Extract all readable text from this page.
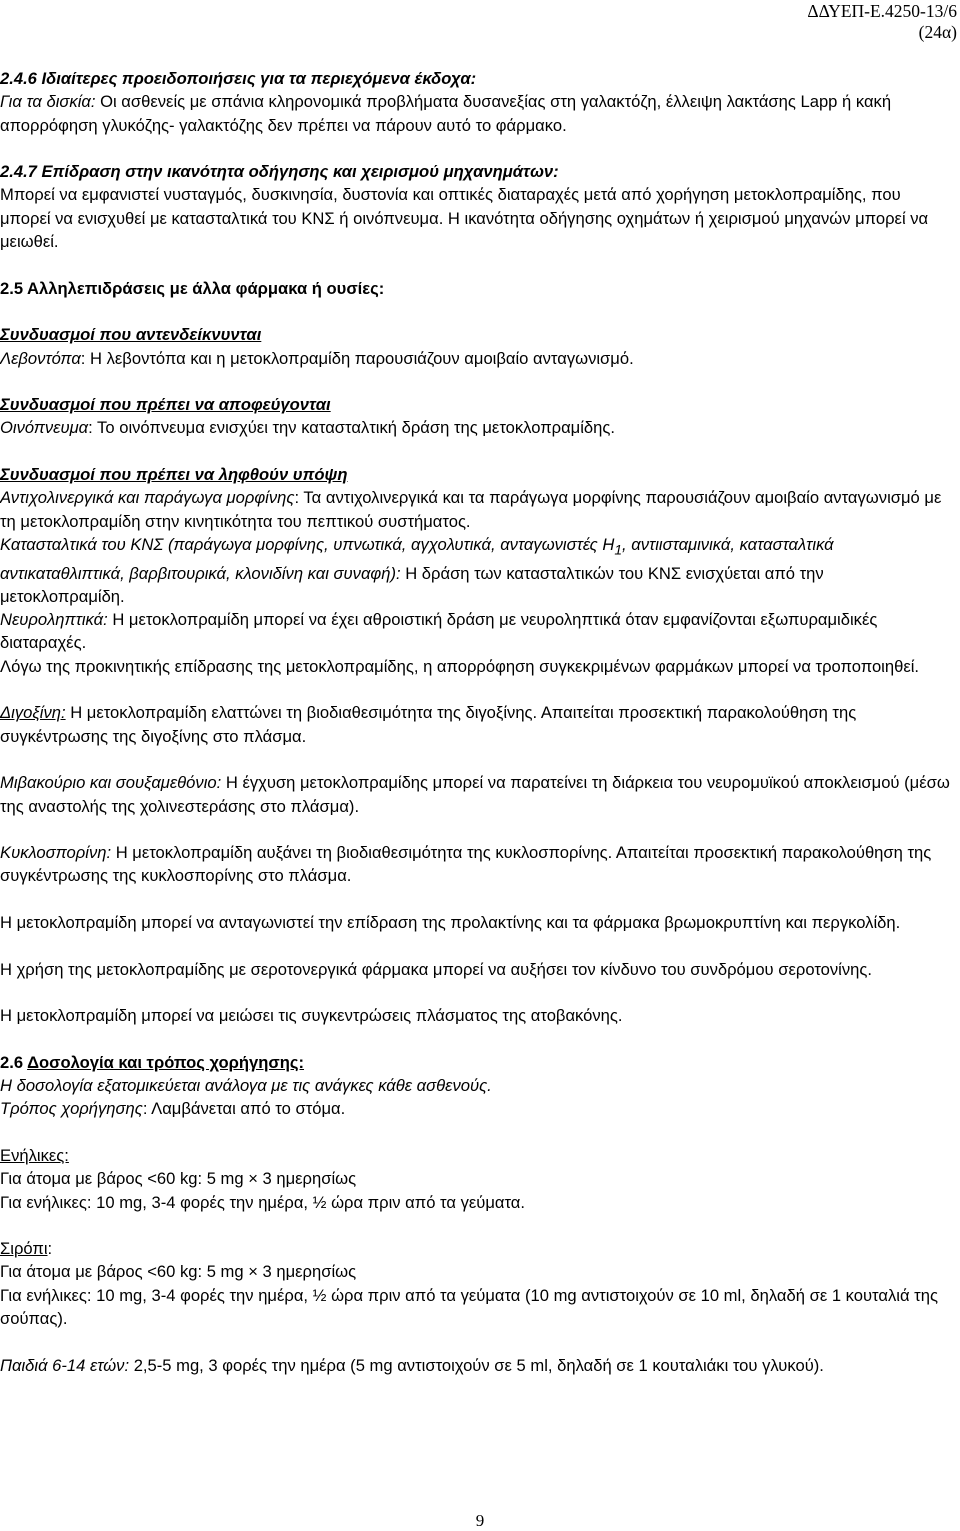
ΔΔΥΕΠ-Ε.4250-13/6
(24α)

2.4.6 Ιδιαίτερες προειδοποιήσεις για τα περιεχόμενα έκδοχα:

Για τα δισκία: Οι ασθενείς με σπάνια κληρονομικά προβλήματα δυσανεξίας στη γαλακτόζη, έλλειψη λακτάσης Lapp ή κακή απορρόφηση γλυκόζης- γαλακτόζης δεν πρέπει να πάρουν αυτό το φάρμακο.

2.4.7 Επίδραση στην ικανότητα οδήγησης και χειρισμού μηχανημάτων:

Μπορεί να εμφανιστεί νυσταγμός, δυσκινησία, δυστονία και οπτικές διαταραχές μετά από χορήγηση μετοκλοπραμίδης, που μπορεί να ενισχυθεί με κατασταλτικά του ΚΝΣ ή οινόπνευμα. Η ικανότητα οδήγησης οχημάτων ή χειρισμού μηχανών μπορεί να μειωθεί.

2.5 Αλληλεπιδράσεις με άλλα φάρμακα ή ουσίες:

Συνδυασμοί που αντενδείκνυνται

Λεβοντόπα: Η λεβοντόπα και η μετοκλοπραμίδη παρουσιάζουν αμοιβαίο ανταγωνισμό.

Συνδυασμοί που πρέπει να αποφεύγονται

Οινόπνευμα: Το οινόπνευμα ενισχύει την κατασταλτική δράση της μετοκλοπραμίδης.

Συνδυασμοί που πρέπει να ληφθούν υπόψη

Αντιχολινεργικά και παράγωγα μορφίνης: Τα αντιχολινεργικά και τα παράγωγα μορφίνης παρουσιάζουν αμοιβαίο ανταγωνισμό με τη μετοκλοπραμίδη στην κινητικότητα του πεπτικού συστήματος.

Κατασταλτικά του ΚΝΣ (παράγωγα μορφίνης, υπνωτικά, αγχολυτικά, ανταγωνιστές $H_1$, αντιισταμινικά, κατασταλτικά αντικαταθλιπτικά, βαρβιτουρικά, κλονιδίνη και συναφή): Η δράση των κατασταλτικών του ΚΝΣ ενισχύεται από την μετοκλοπραμίδη.

Νευροληπτικά: Η μετοκλοπραμίδη μπορεί να έχει αθροιστική δράση με νευροληπτικά όταν εμφανίζονται εξωπυραμιδικές διαταραχές.

Λόγω της προκινητικής επίδρασης της μετοκλοπραμίδης, η απορρόφηση συγκεκριμένων φαρμάκων μπορεί να τροποποιηθεί.

Διγοξίνη: Η μετοκλοπραμίδη ελαττώνει τη βιοδιαθεσιμότητα της διγοξίνης. Απαιτείται προσεκτική παρακολούθηση της συγκέντρωσης της διγοξίνης στο πλάσμα.

Μιβακούριο και σουξαμεθόνιο: Η έγχυση μετοκλοπραμίδης μπορεί να παρατείνει τη διάρκεια του νευρομυϊκού αποκλεισμού (μέσω της αναστολής της χολινεστεράσης στο πλάσμα).

Κυκλοσπορίνη: Η μετοκλοπραμίδη αυξάνει τη βιοδιαθεσιμότητα της κυκλοσπορίνης. Απαιτείται προσεκτική παρακολούθηση της συγκέντρωσης της κυκλοσπορίνης στο πλάσμα.

Η μετοκλοπραμίδη μπορεί να ανταγωνιστεί την επίδραση της προλακτίνης και τα φάρμακα βρωμοκρυπτίνη και περγκολίδη.

Η χρήση της μετοκλοπραμίδης με σεροτονεργικά φάρμακα μπορεί να αυξήσει τον κίνδυνο του συνδρόμου σεροτονίνης.

Η μετοκλοπραμίδη μπορεί να μειώσει τις συγκεντρώσεις πλάσματος της ατοβακόνης.

2.6 Δοσολογία και τρόπος χορήγησης:

Η δοσολογία εξατομικεύεται ανάλογα με τις ανάγκες κάθε ασθενούς.

Τρόπος χορήγησης: Λαμβάνεται από το στόμα.

Ενήλικες:

Για άτομα με βάρος <60 kg: 5 mg × 3 ημερησίως

Για ενήλικες: 10 mg, 3-4 φορές την ημέρα, ½ ώρα πριν από τα γεύματα.

Σιρόπι:

Για άτομα με βάρος <60 kg: 5 mg × 3 ημερησίως

Για ενήλικες: 10 mg, 3-4 φορές την ημέρα, ½ ώρα πριν από τα γεύματα (10 mg αντιστοιχούν σε 10 ml, δηλαδή σε 1 κουταλιά της σούπας).

Παιδιά 6-14 ετών: 2,5-5 mg, 3 φορές την ημέρα (5 mg αντιστοιχούν σε 5 ml, δηλαδή σε 1 κουταλιάκι του γλυκού).

9
